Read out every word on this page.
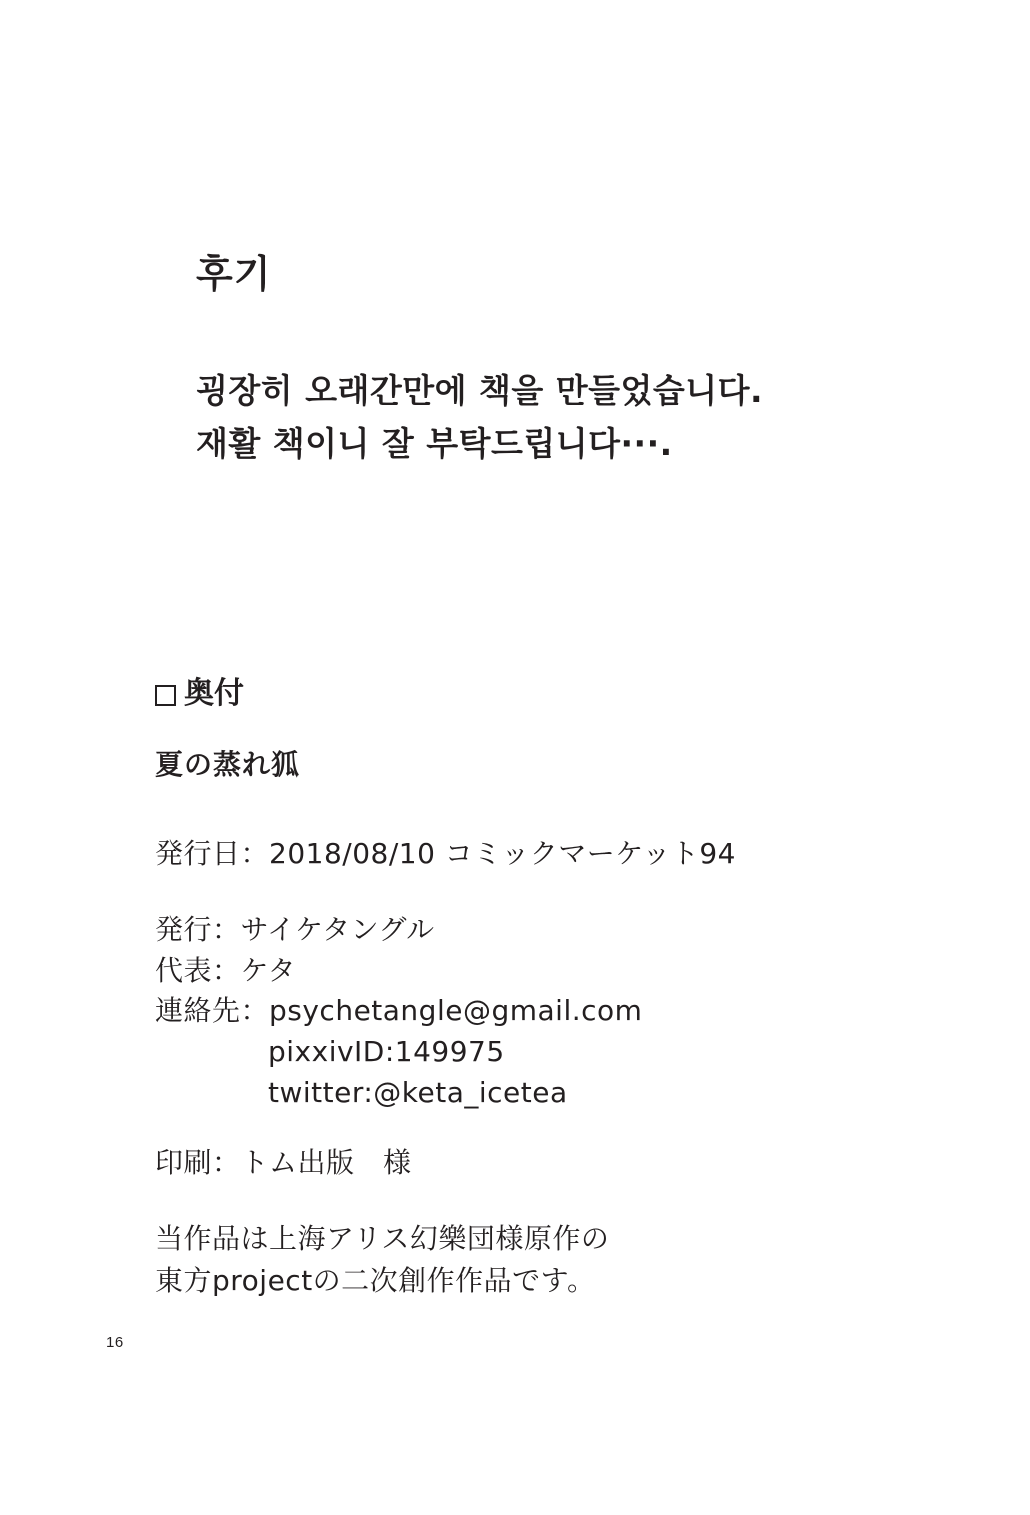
후기
굉장히 오래간만에 책을 만들었습니다.
재활 책이니 잘 부탁드립니다···.
奥付
夏の蒸れ狐
発行日：2018/08/10 コミックマーケット94
発行：サイケタングル
代表：ケタ
連絡先：psychetangle@gmail.com
pixxivID:149975
twitter:@keta_icetea
印刷：トム出版　様
当作品は上海アリス幻樂団様原作の
東方projectの二次創作作品です。
16
